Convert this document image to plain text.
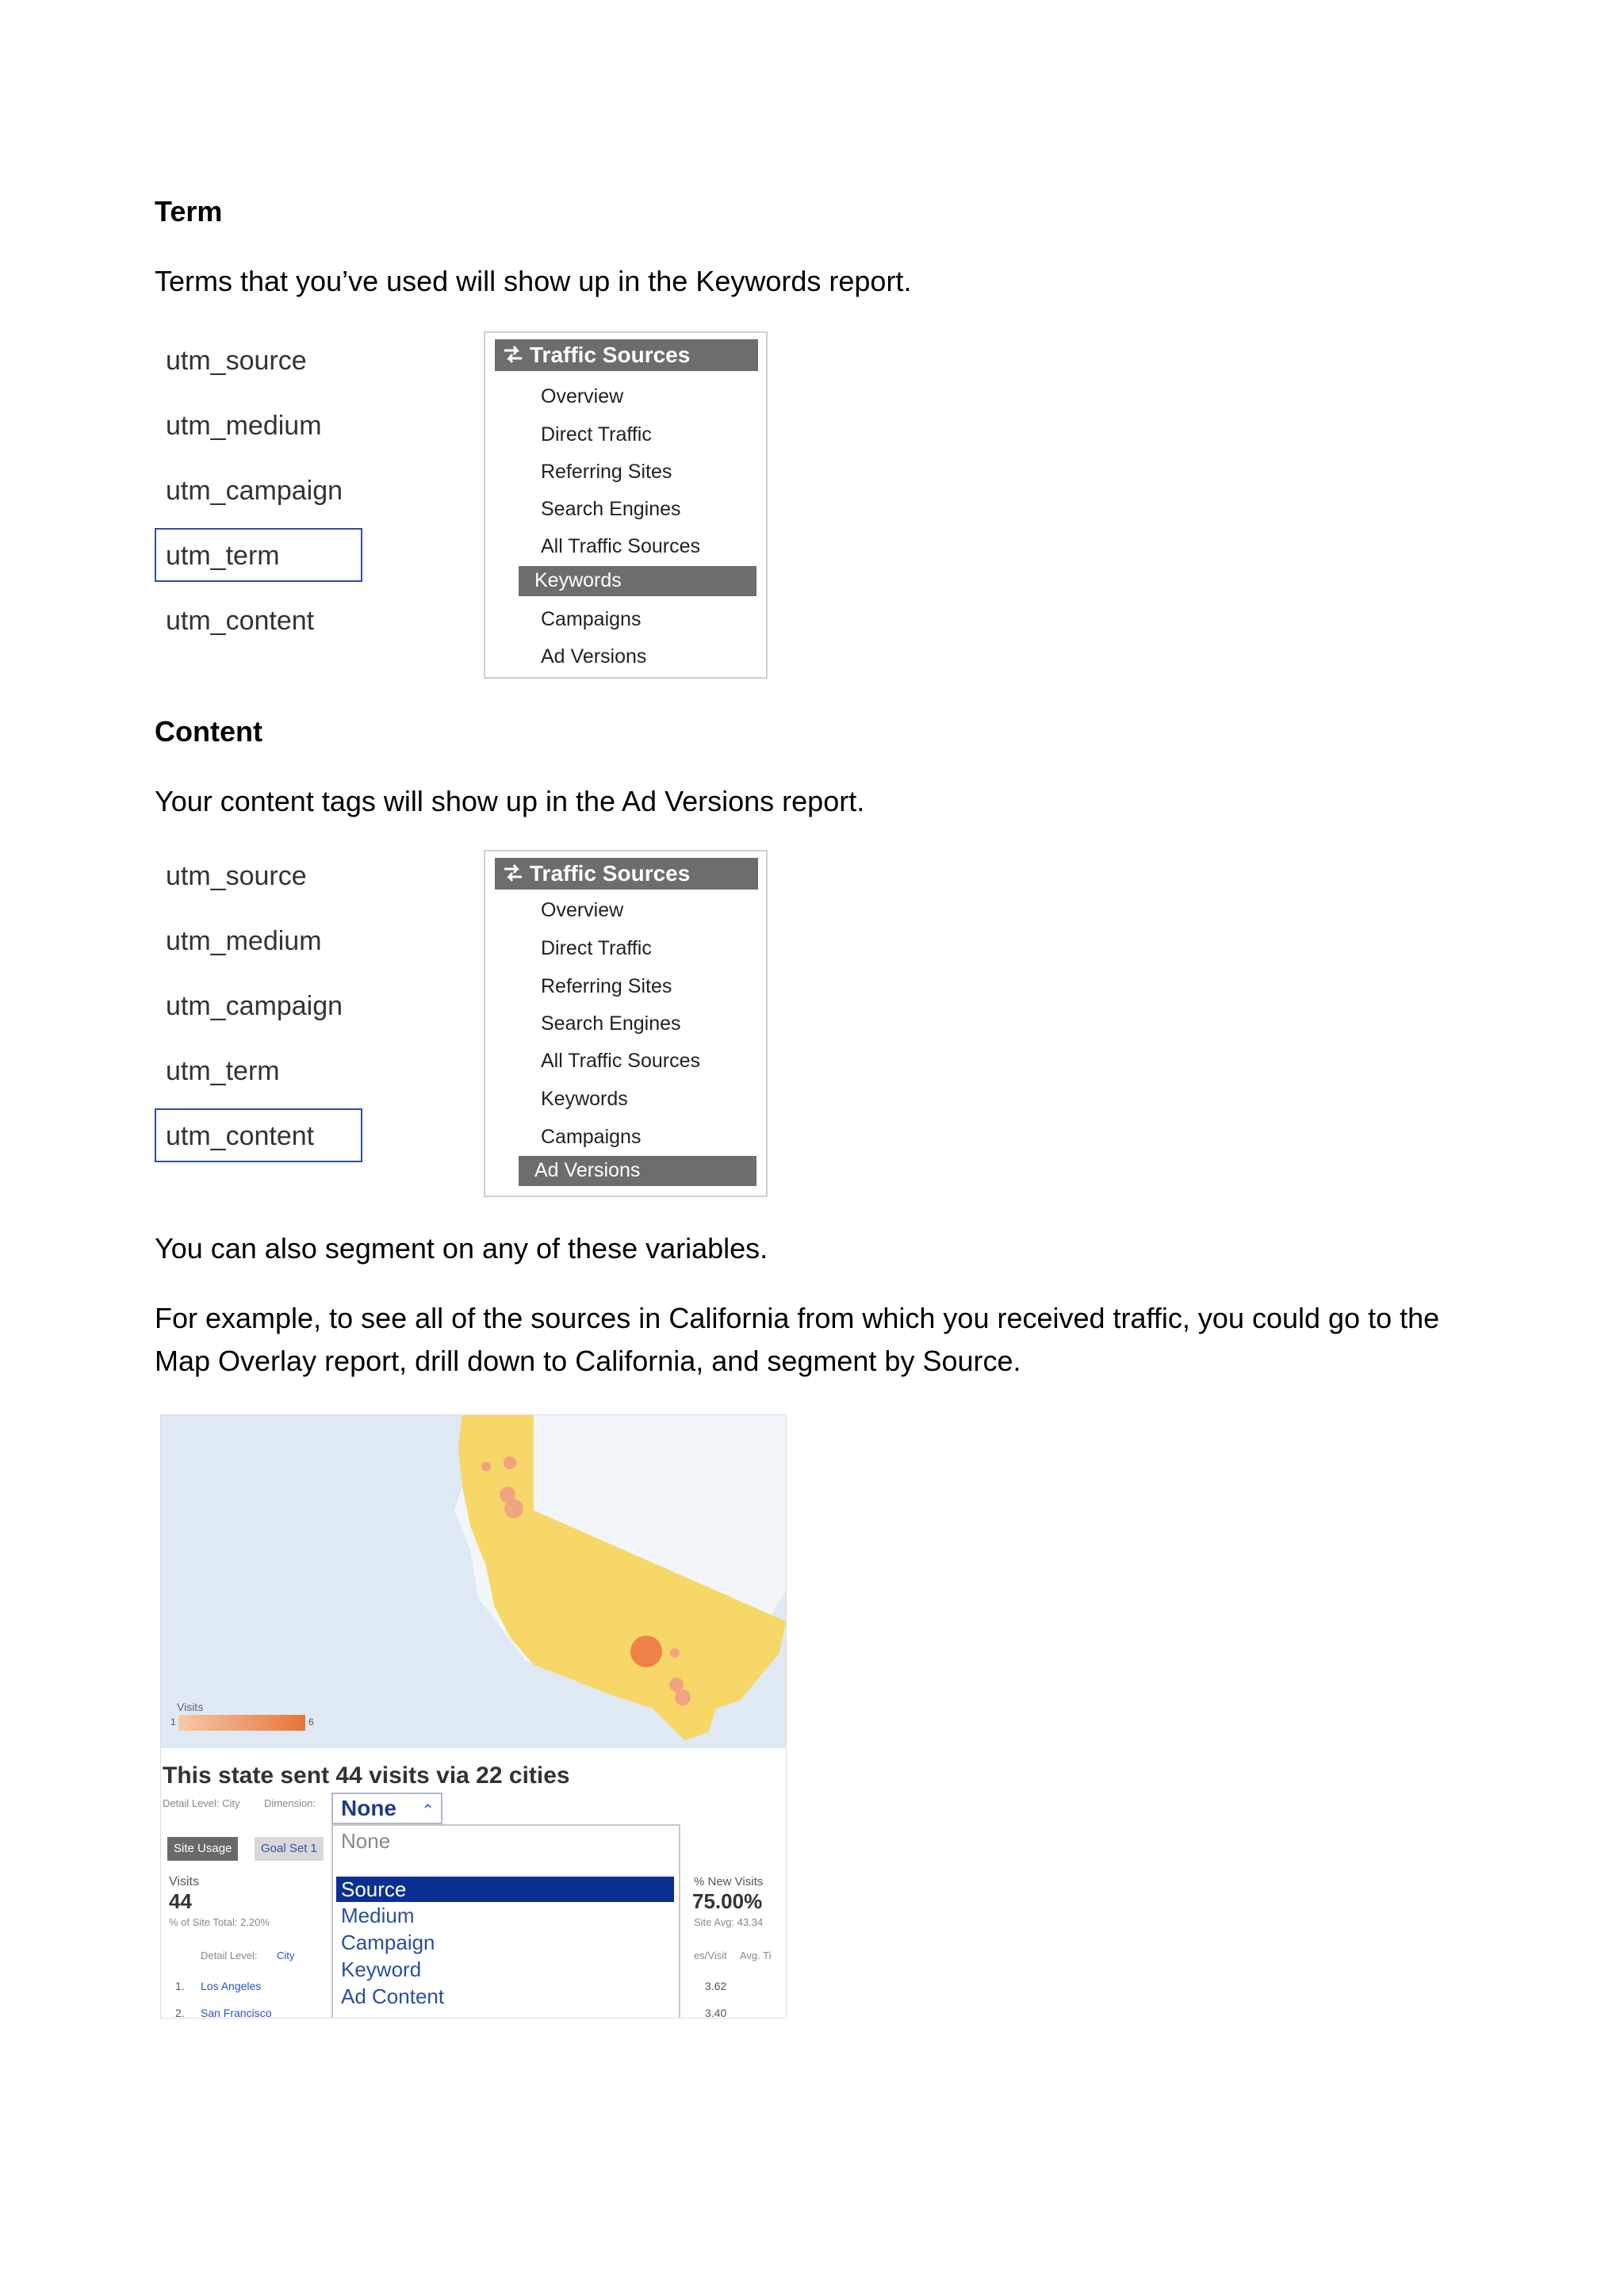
Term
Terms that you’ve used will show up in the Keywords report.
utm_source
utm_medium
utm_campaign
utm_term
utm_content
Traffic Sources
Overview
Direct Traffic
Referring Sites
Search Engines
All Traffic Sources
Keywords
Campaigns
Ad Versions
Content
Your content tags will show up in the Ad Versions report.
utm_source
utm_medium
utm_campaign
utm_term
utm_content
Traffic Sources
Overview
Direct Traffic
Referring Sites
Search Engines
All Traffic Sources
Keywords
Campaigns
Ad Versions
You can also segment on any of these variables.
For example, to see all of the sources in California from which you received traffic, you could go to the Map Overlay report, drill down to California, and segment by Source.
Visits
1	6
This state sent 44 visits via 22 cities
Detail Level: City Dimension:
Site Usage	Goal Set 1
Visits
44
% of Site Total: 2.20%
Detail Level: City
1. Los Angeles
2. San Francisco
% New Visits
75.00%
Site Avg: 43.34
es/Visit Avg. Ti
3.62
3.40
None ⌃
None
Source
Medium
Campaign
Keyword
Ad Content
